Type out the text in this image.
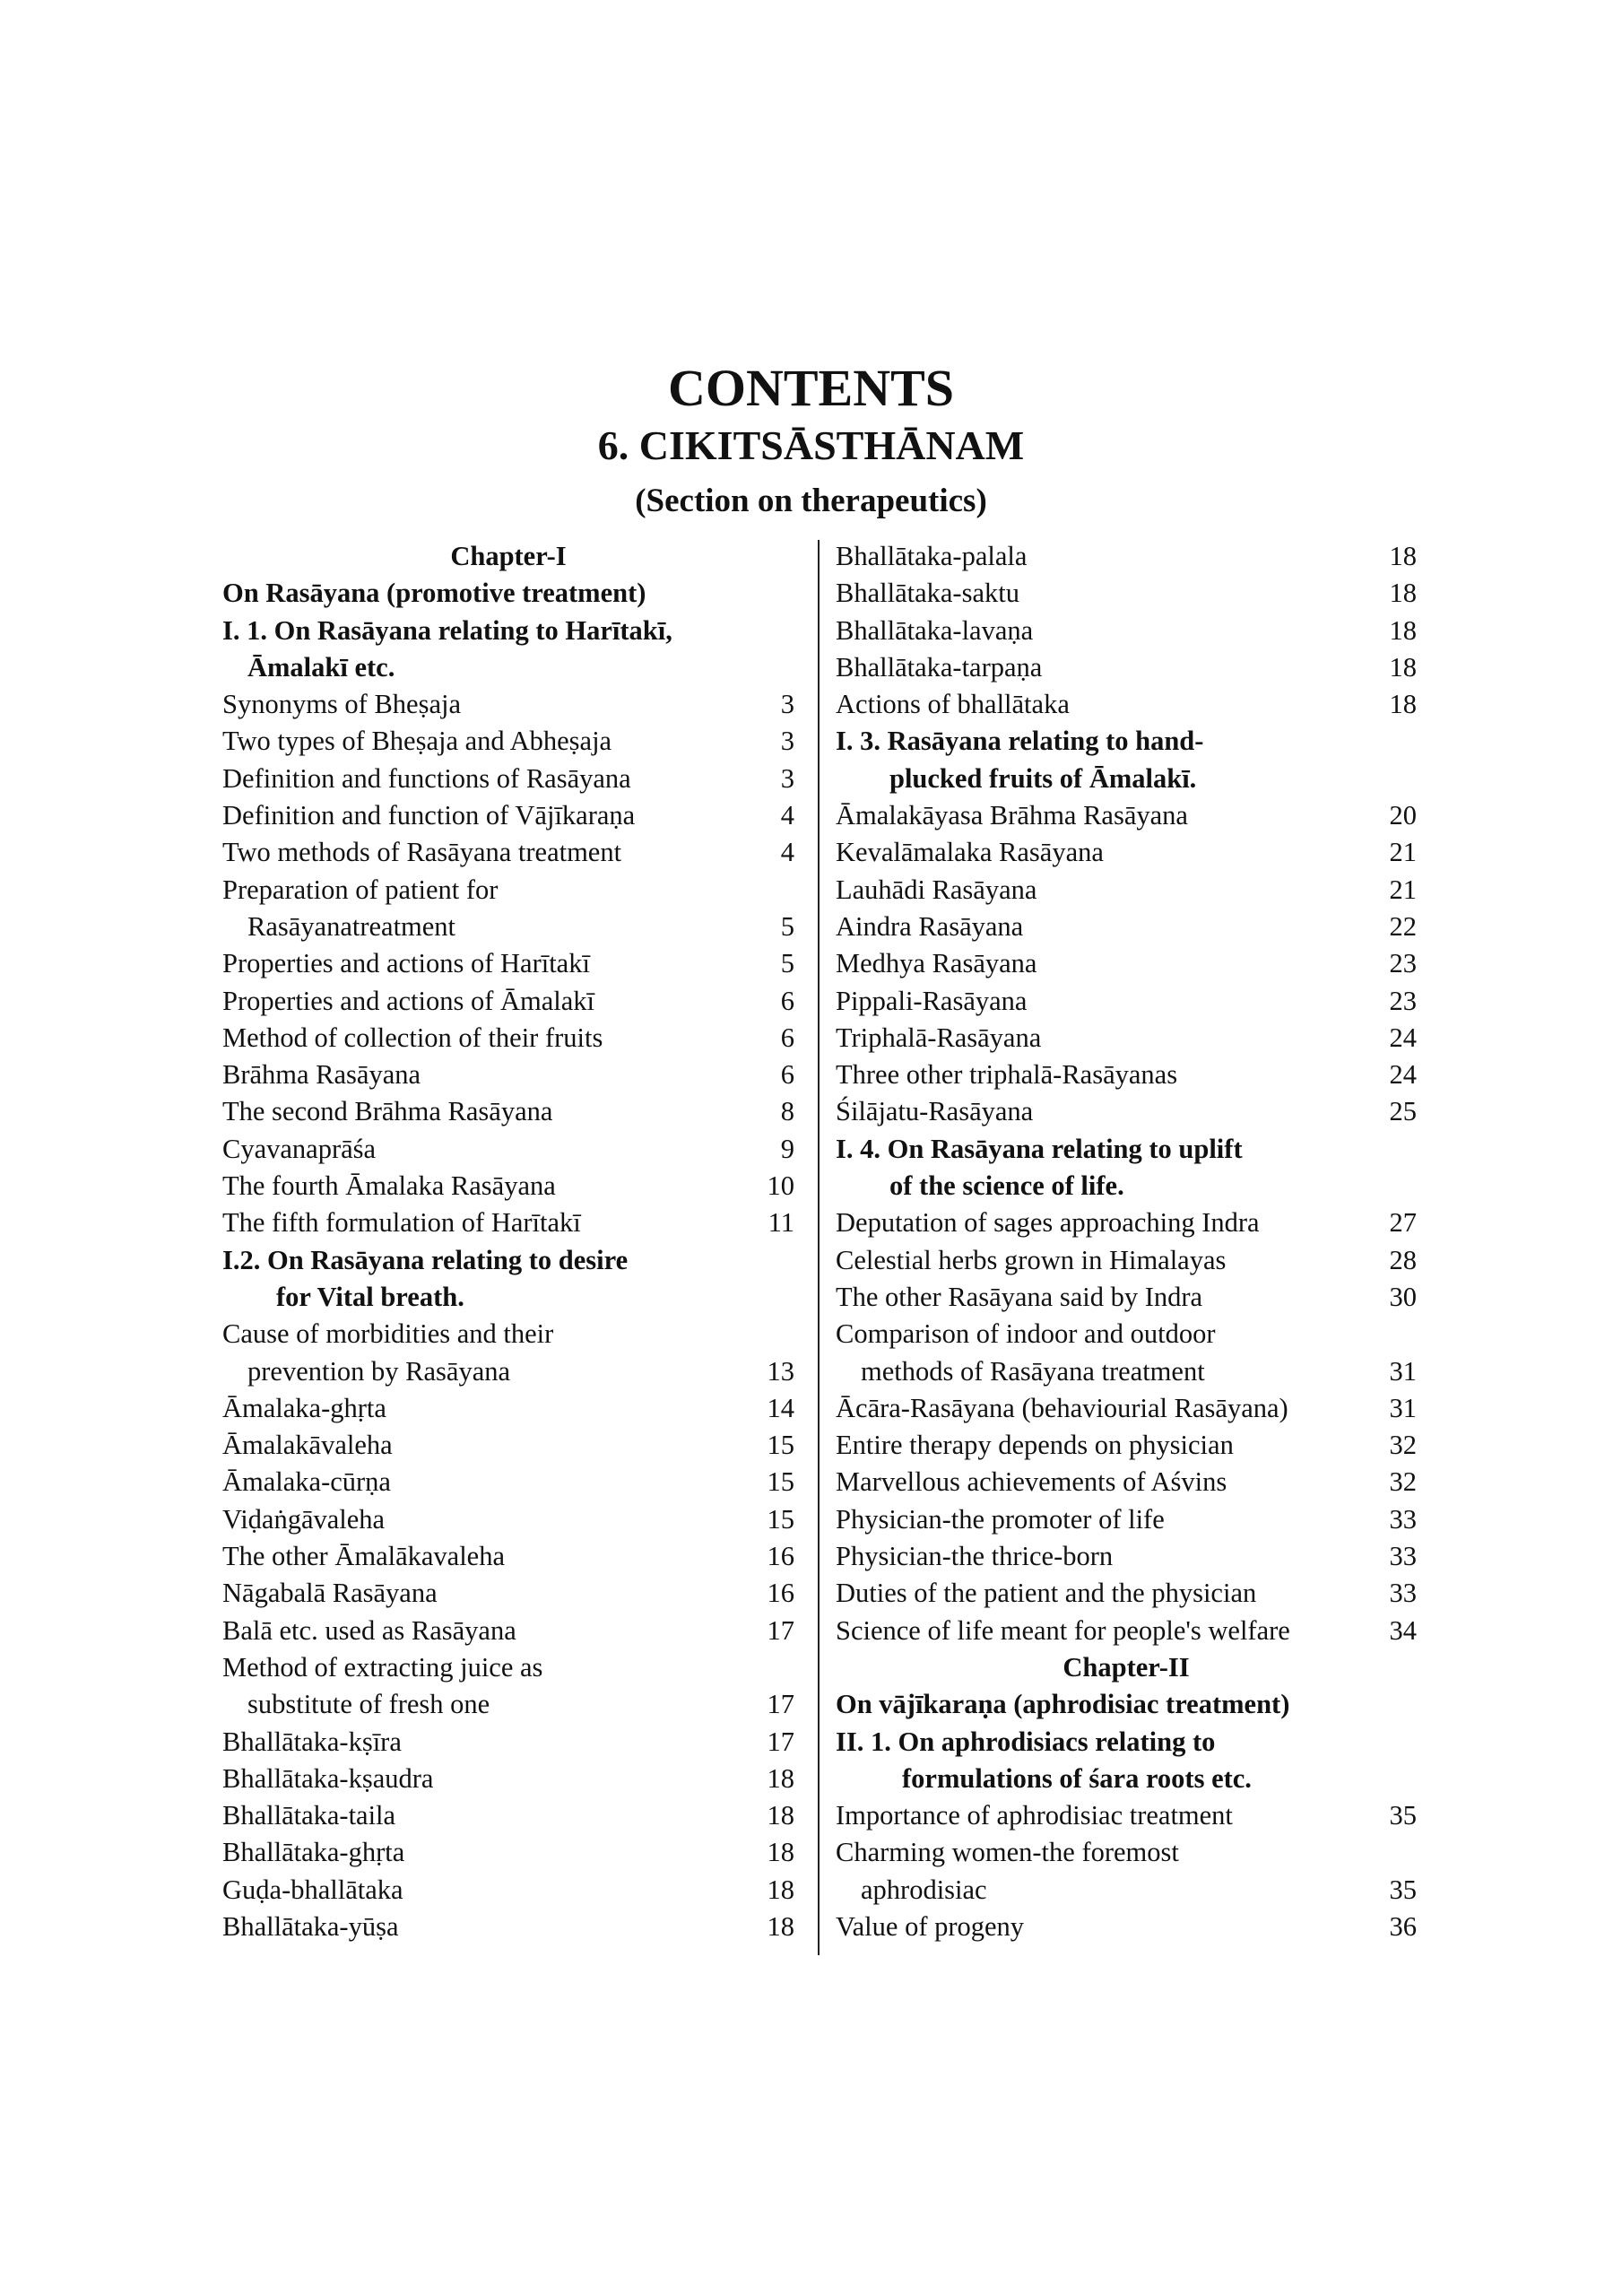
CONTENTS
6. CIKITSĀSTHĀNAM
(Section on therapeutics)
Chapter-I
On Rasāyana (promotive treatment)
I. 1. On Rasāyana relating to Harītakī,
Āmalakī etc.
Synonyms of Bheṣaja	3
Two types of Bheṣaja and Abheṣaja	3
Definition and functions of Rasāyana	3
Definition and function of Vājīkaraṇa	4
Two methods of Rasāyana treatment	4
Preparation of patient for
Rasāyanatreatment	5
Properties and actions of Harītakī	5
Properties and actions of Āmalakī	6
Method of collection of their fruits	6
Brāhma Rasāyana	6
The second Brāhma Rasāyana	8
Cyavanaprāśa	9
The fourth Āmalaka Rasāyana	10
The fifth formulation of Harītakī	11
I.2. On Rasāyana relating to desire
for Vital breath.
Cause of morbidities and their
prevention by Rasāyana	13
Āmalaka-ghṛta	14
Āmalakāvaleha	15
Āmalaka-cūrṇa	15
Viḍaṅgāvaleha	15
The other Āmalākavaleha	16
Nāgabalā Rasāyana	16
Balā etc. used as Rasāyana	17
Method of extracting juice as
substitute of fresh one	17
Bhallātaka-kṣīra	17
Bhallātaka-kṣaudra	18
Bhallātaka-taila	18
Bhallātaka-ghṛta	18
Guḍa-bhallātaka	18
Bhallātaka-yūṣa	18
Bhallātaka-palala	18
Bhallātaka-saktu	18
Bhallātaka-lavaṇa	18
Bhallātaka-tarpaṇa	18
Actions of bhallātaka	18
I. 3. Rasāyana relating to hand-
plucked fruits of Āmalakī.
Āmalakāyasa Brāhma Rasāyana	20
Kevalāmalaka Rasāyana	21
Lauhādi Rasāyana	21
Aindra Rasāyana	22
Medhya Rasāyana	23
Pippali-Rasāyana	23
Triphalā-Rasāyana	24
Three other triphalā-Rasāyanas	24
Śilājatu-Rasāyana	25
I. 4. On Rasāyana relating to uplift
of the science of life.
Deputation of sages approaching Indra	27
Celestial herbs grown in Himalayas	28
The other Rasāyana said by Indra	30
Comparison of indoor and outdoor
methods of Rasāyana treatment	31
Ācāra-Rasāyana (behaviourial Rasāyana)	31
Entire therapy depends on physician	32
Marvellous achievements of Aśvins	32
Physician-the promoter of life	33
Physician-the thrice-born	33
Duties of the patient and the physician	33
Science of life meant for people's welfare	34
Chapter-II
On vājīkaraṇa (aphrodisiac treatment)
II. 1. On aphrodisiacs relating to
formulations of śara roots etc.
Importance of aphrodisiac treatment	35
Charming women-the foremost
aphrodisiac	35
Value of progeny	36
